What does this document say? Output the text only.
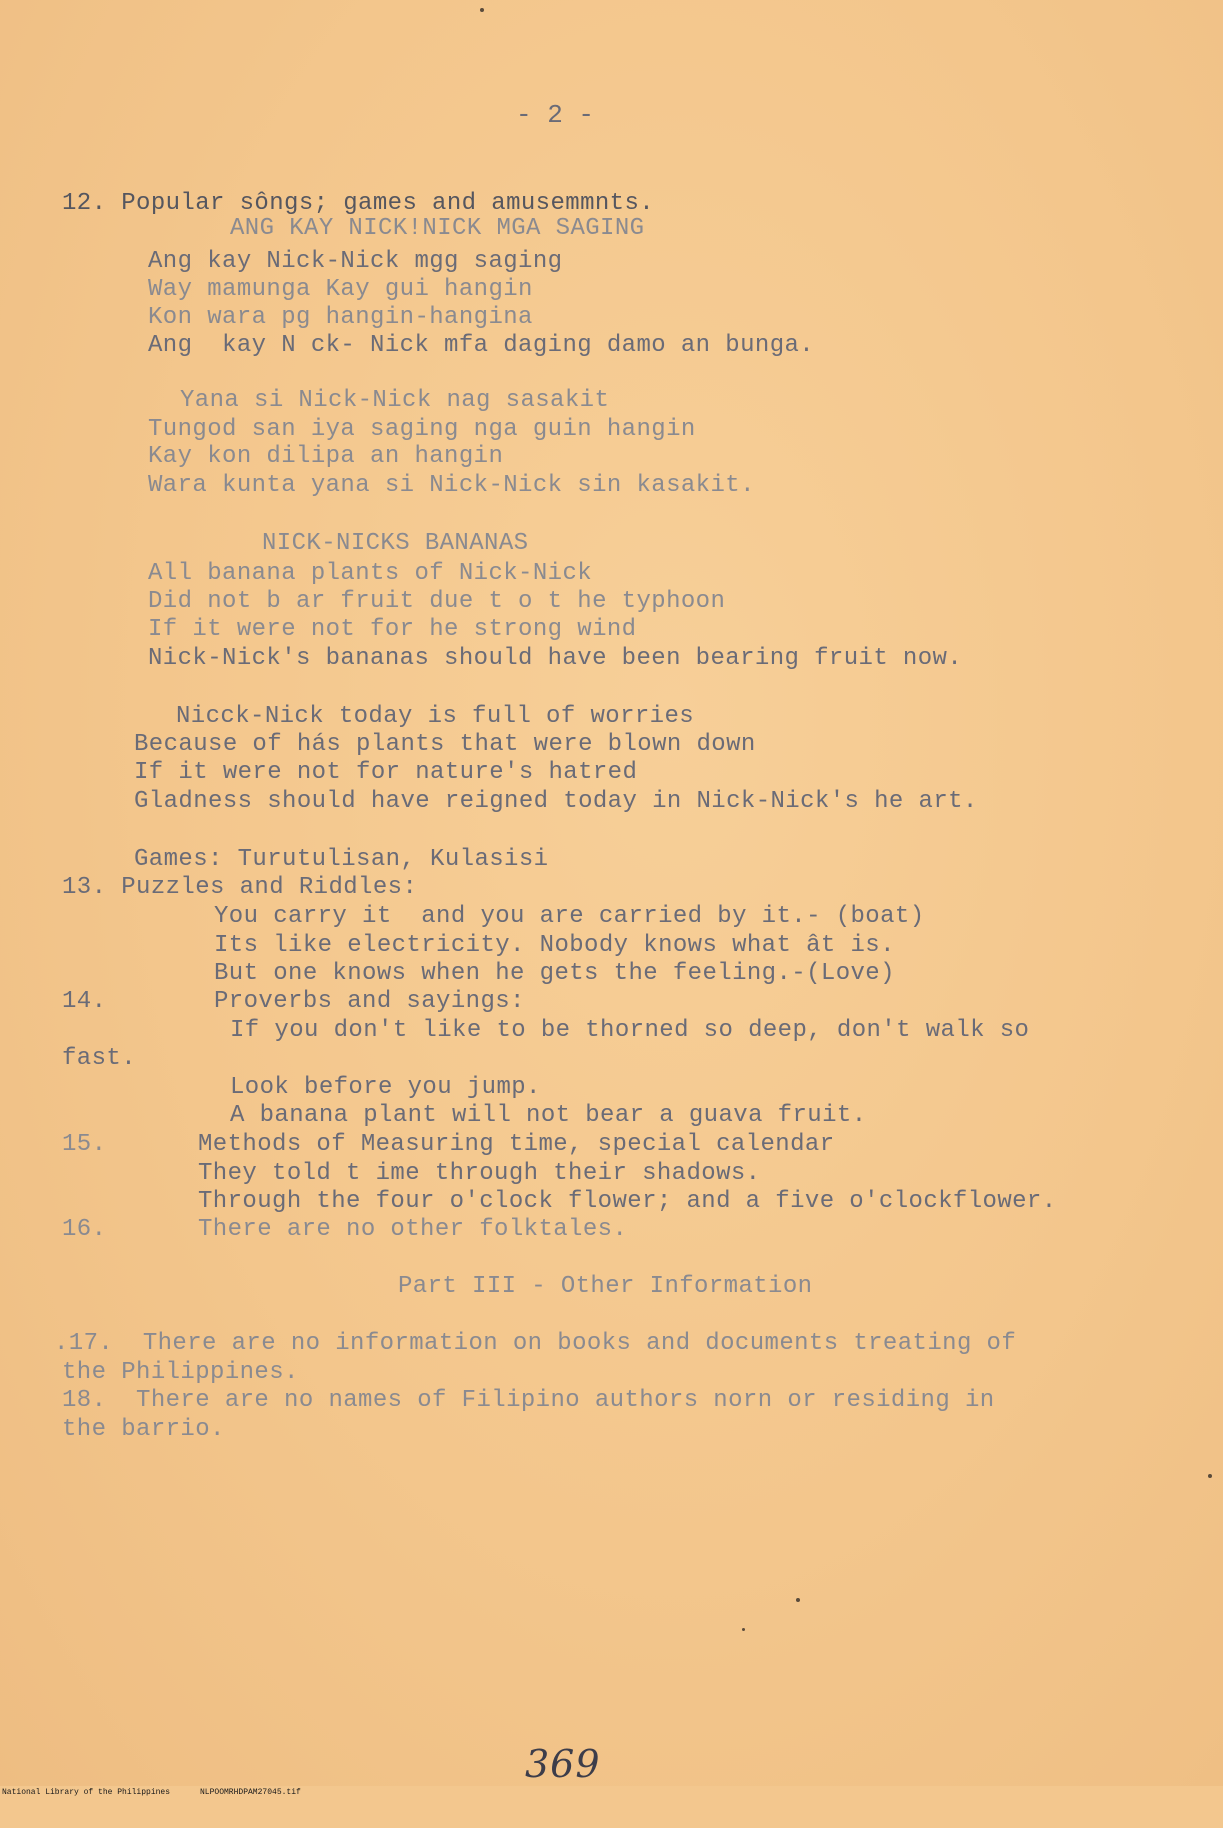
- 2 -
12. Popular sôngs; games and amusemmnts.
ANG KAY NICK!NICK MGA SAGING
Ang kay Nick-Nick mgg saging
Way mamunga Kay gui hangin
Kon wara pg hangin-hangina
Ang  kay N ck- Nick mfa daging damo an bunga.
Yana si Nick-Nick nag sasakit
Tungod san iya saging nga guin hangin
Kay kon dilipa an hangin
Wara kunta yana si Nick-Nick sin kasakit.
NICK-NICKS BANANAS
All banana plants of Nick-Nick
Did not b ar fruit due t o t he typhoon
If it were not for he strong wind
Nick-Nick's bananas should have been bearing fruit now.
Nicck-Nick today is full of worries
Because of hás plants that were blown down
If it were not for nature's hatred
Gladness should have reigned today in Nick-Nick's he art.
Games: Turutulisan, Kulasisi
13. Puzzles and Riddles:
You carry it  and you are carried by it.- (boat)
Its like electricity. Nobody knows what ât is.
But one knows when he gets the feeling.-(Love)
14.	Proverbs and sayings:
If you don't like to be thorned so deep, don't walk so
fast.
Look before you jump.
A banana plant will not bear a guava fruit.
15.	Methods of Measuring time, special calendar
They told t ime through their shadows.
Through the four o'clock flower; and a five o'clockflower.
16.	There are no other folktales.
Part III - Other Information
.17.  There are no information on books and documents treating of
the Philippines.
18.  There are no names of Filipino authors norn or residing in
the barrio.
369

National Library of the Philippines

	NLPOOMRHDPAM27045.tif
